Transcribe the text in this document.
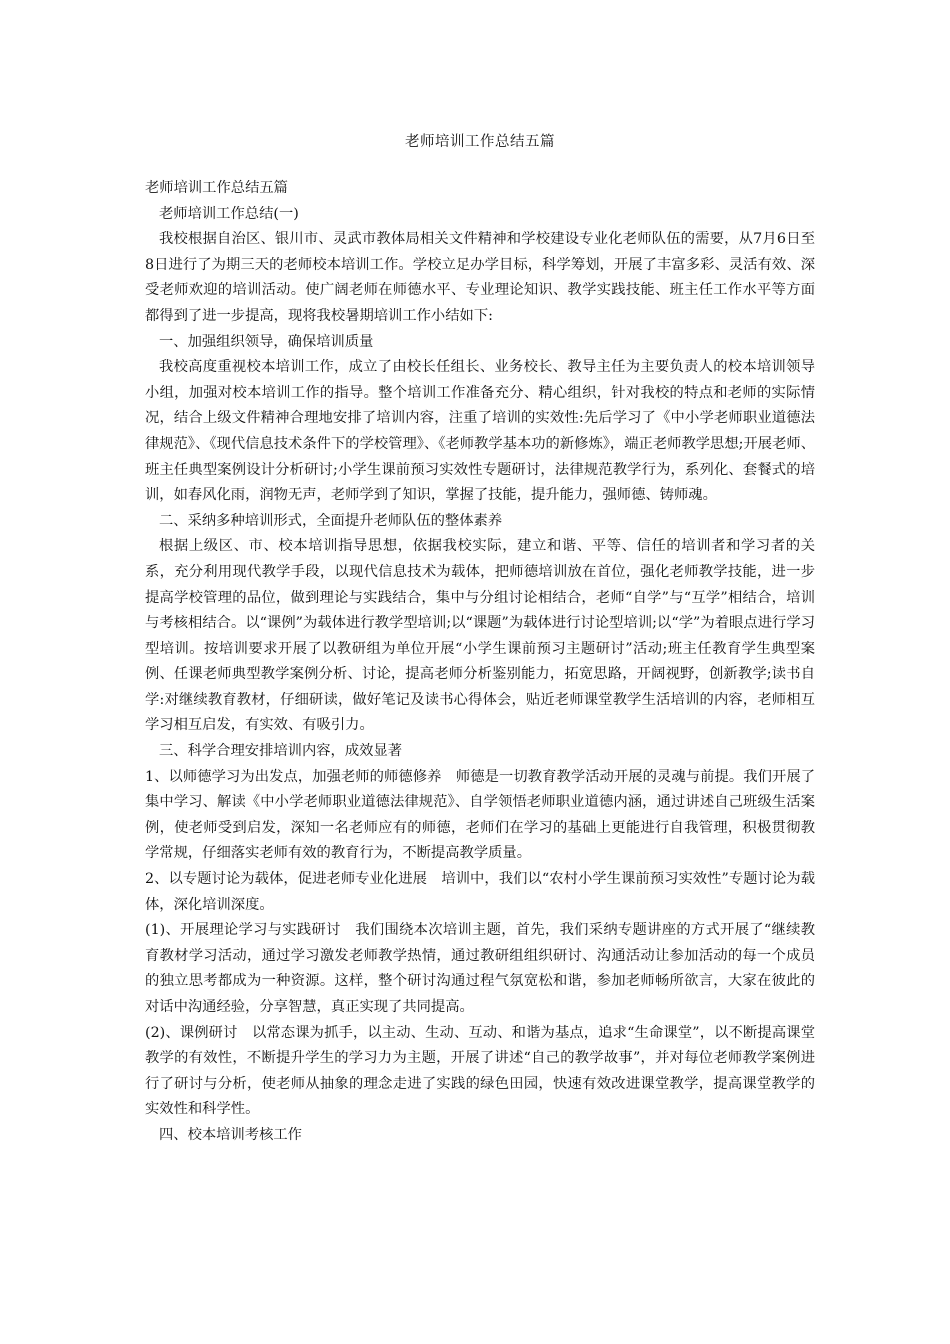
老师培训工作总结五篇

老师培训工作总结五篇

老师培训工作总结(一)

我校根据自治区、银川市、灵武市教体局相关文件精神和学校建设专业化老师队伍的需要，从7月6日至8日进行了为期三天的老师校本培训工作。学校立足办学目标，科学筹划，开展了丰富多彩、灵活有效、深受老师欢迎的培训活动。使广阔老师在师德水平、专业理论知识、教学实践技能、班主任工作水平等方面都得到了进一步提高，现将我校暑期培训工作小结如下:

一、加强组织领导，确保培训质量

我校高度重视校本培训工作，成立了由校长任组长、业务校长、教导主任为主要负责人的校本培训领导小组，加强对校本培训工作的指导。整个培训工作准备充分、精心组织，针对我校的特点和老师的实际情况，结合上级文件精神合理地安排了培训内容，注重了培训的实效性:先后学习了《中小学老师职业道德法律规范》、《现代信息技术条件下的学校管理》、《老师教学基本功的新修炼》，端正老师教学思想;开展老师、班主任典型案例设计分析研讨;小学生课前预习实效性专题研讨，法律规范教学行为，系列化、套餐式的培训，如春风化雨，润物无声，老师学到了知识，掌握了技能，提升能力，强师德、铸师魂。

二、采纳多种培训形式，全面提升老师队伍的整体素养

根据上级区、市、校本培训指导思想，依据我校实际，建立和谐、平等、信任的培训者和学习者的关系，充分利用现代教学手段，以现代信息技术为载体，把师德培训放在首位，强化老师教学技能，进一步提高学校管理的品位，做到理论与实践结合，集中与分组讨论相结合，老师“自学”与“互学”相结合，培训与考核相结合。以“课例”为载体进行教学型培训;以“课题”为载体进行讨论型培训;以“学”为着眼点进行学习型培训。按培训要求开展了以教研组为单位开展“小学生课前预习主题研讨”活动;班主任教育学生典型案例、任课老师典型教学案例分析、讨论，提高老师分析鉴别能力，拓宽思路，开阔视野，创新教学;读书自学:对继续教育教材，仔细研读，做好笔记及读书心得体会，贴近老师课堂教学生活培训的内容，老师相互学习相互启发，有实效、有吸引力。

三、科学合理安排培训内容，成效显著

1、以师德学习为出发点，加强老师的师德修养　师德是一切教育教学活动开展的灵魂与前提。我们开展了集中学习、解读《中小学老师职业道德法律规范》、自学领悟老师职业道德内涵，通过讲述自己班级生活案例，使老师受到启发，深知一名老师应有的师德，老师们在学习的基础上更能进行自我管理，积极贯彻教学常规，仔细落实老师有效的教育行为，不断提高教学质量。

2、以专题讨论为载体，促进老师专业化进展　培训中，我们以“农村小学生课前预习实效性”专题讨论为载体，深化培训深度。

(1)、开展理论学习与实践研讨　我们围绕本次培训主题，首先，我们采纳专题讲座的方式开展了“继续教育教材学习活动，通过学习激发老师教学热情，通过教研组组织研讨、沟通活动让参加活动的每一个成员的独立思考都成为一种资源。这样，整个研讨沟通过程气氛宽松和谐，参加老师畅所欲言，大家在彼此的对话中沟通经验，分享智慧，真正实现了共同提高。

(2)、课例研讨　以常态课为抓手，以主动、生动、互动、和谐为基点，追求“生命课堂”，以不断提高课堂教学的有效性，不断提升学生的学习力为主题，开展了讲述“自己的教学故事”，并对每位老师教学案例进行了研讨与分析，使老师从抽象的理念走进了实践的绿色田园，快速有效改进课堂教学，提高课堂教学的实效性和科学性。

四、校本培训考核工作
